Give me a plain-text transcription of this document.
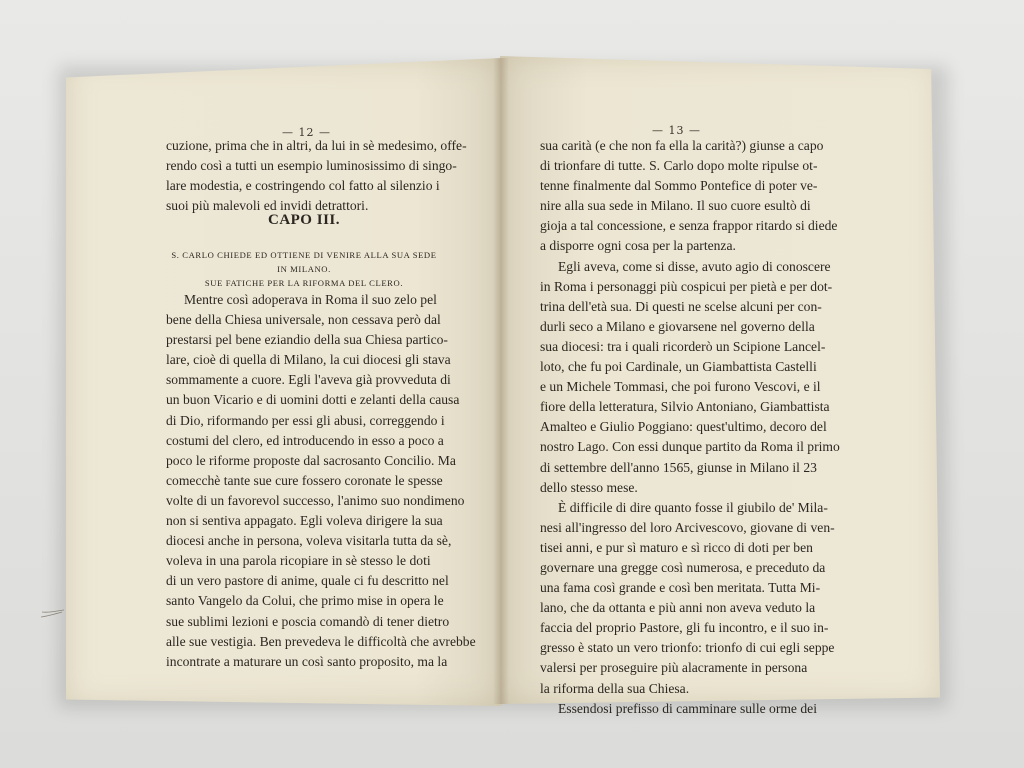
— 12 —
cuzione, prima che in altri, da lui in sè medesimo, offe-
rendo così a tutti un esempio luminosissimo di singo-
lare modestia, e costringendo col fatto al silenzio i
suoi più malevoli ed invidi detrattori.
CAPO III.
S. CARLO CHIEDE ED OTTIENE DI VENIRE ALLA SUA SEDE IN MILANO.
SUE FATICHE PER LA RIFORMA DEL CLERO.
Mentre così adoperava in Roma il suo zelo pel
bene della Chiesa universale, non cessava però dal
prestarsi pel bene eziandio della sua Chiesa partico-
lare, cioè di quella di Milano, la cui diocesi gli stava
sommamente a cuore. Egli l'aveva già provveduta di
un buon Vicario e di uomini dotti e zelanti della causa
di Dio, riformando per essi gli abusi, correggendo i
costumi del clero, ed introducendo in esso a poco a
poco le riforme proposte dal sacrosanto Concilio. Ma
comecchè tante sue cure fossero coronate le spesse
volte di un favorevol successo, l'animo suo nondimeno
non si sentiva appagato. Egli voleva dirigere la sua
diocesi anche in persona, voleva visitarla tutta da sè,
voleva in una parola ricopiare in sè stesso le doti
di un vero pastore di anime, quale ci fu descritto nel
santo Vangelo da Colui, che primo mise in opera le
sue sublimi lezioni e poscia comandò di tener dietro
alle sue vestigia. Ben prevedeva le difficoltà che avrebbe
incontrate a maturare un così santo proposito, ma la
— 13 —
sua carità (e che non fa ella la carità?) giunse a capo
di trionfare di tutte. S. Carlo dopo molte ripulse ot-
tenne finalmente dal Sommo Pontefice di poter ve-
nire alla sua sede in Milano. Il suo cuore esultò di
gioja a tal concessione, e senza frappor ritardo si diede
a disporre ogni cosa per la partenza.
Egli aveva, come si disse, avuto agio di conoscere
in Roma i personaggi più cospicui per pietà e per dot-
trina dell'età sua. Di questi ne scelse alcuni per con-
durli seco a Milano e giovarsene nel governo della
sua diocesi: tra i quali ricorderò un Scipione Lancel-
loto, che fu poi Cardinale, un Giambattista Castelli
e un Michele Tommasi, che poi furono Vescovi, e il
fiore della letteratura, Silvio Antoniano, Giambattista
Amalteo e Giulio Poggiano: quest'ultimo, decoro del
nostro Lago. Con essi dunque partito da Roma il primo
di settembre dell'anno 1565, giunse in Milano il 23
dello stesso mese.
È difficile di dire quanto fosse il giubilo de' Mila-
nesi all'ingresso del loro Arcivescovo, giovane di ven-
tisei anni, e pur sì maturo e sì ricco di doti per ben
governare una gregge così numerosa, e preceduto da
una fama così grande e così ben meritata. Tutta Mi-
lano, che da ottanta e più anni non aveva veduto la
faccia del proprio Pastore, gli fu incontro, e il suo in-
gresso è stato un vero trionfo: trionfo di cui egli seppe
valersi per proseguire più alacramente in persona
la riforma della sua Chiesa.
Essendosi prefisso di camminare sulle orme dei
